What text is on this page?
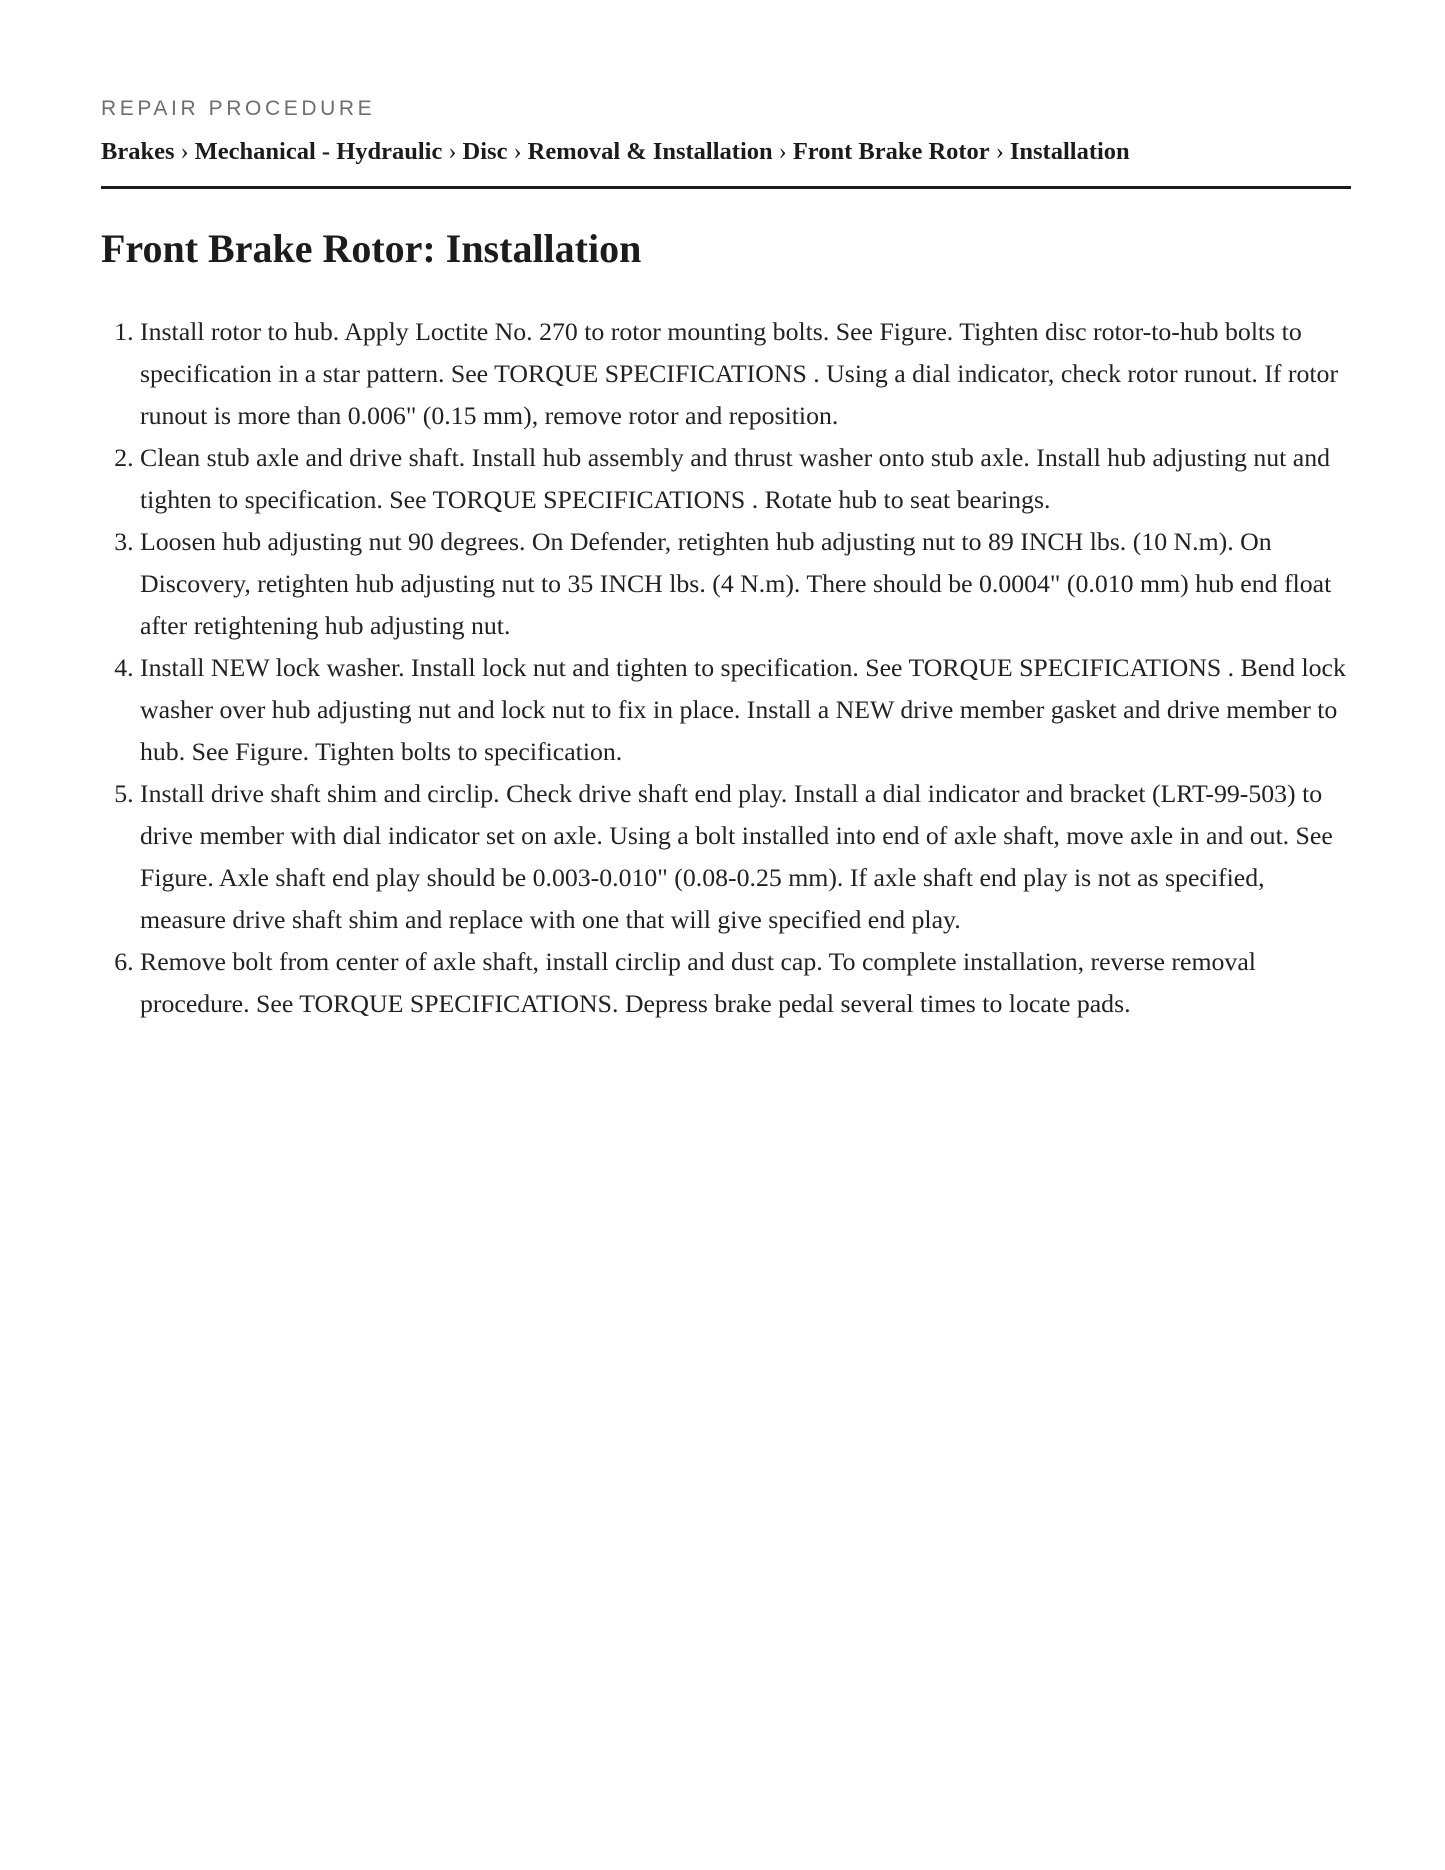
REPAIR PROCEDURE

Brakes › Mechanical - Hydraulic › Disc › Removal & Installation › Front Brake Rotor › Installation
Front Brake Rotor: Installation
1. Install rotor to hub. Apply Loctite No. 270 to rotor mounting bolts. See Figure. Tighten disc rotor-to-hub bolts to specification in a star pattern. See TORQUE SPECIFICATIONS . Using a dial indicator, check rotor runout. If rotor runout is more than 0.006" (0.15 mm), remove rotor and reposition.
2. Clean stub axle and drive shaft. Install hub assembly and thrust washer onto stub axle. Install hub adjusting nut and tighten to specification. See TORQUE SPECIFICATIONS . Rotate hub to seat bearings.
3. Loosen hub adjusting nut 90 degrees. On Defender, retighten hub adjusting nut to 89 INCH lbs. (10 N.m). On Discovery, retighten hub adjusting nut to 35 INCH lbs. (4 N.m). There should be 0.0004" (0.010 mm) hub end float after retightening hub adjusting nut.
4. Install NEW lock washer. Install lock nut and tighten to specification. See TORQUE SPECIFICATIONS . Bend lock washer over hub adjusting nut and lock nut to fix in place. Install a NEW drive member gasket and drive member to hub. See Figure. Tighten bolts to specification.
5. Install drive shaft shim and circlip. Check drive shaft end play. Install a dial indicator and bracket (LRT-99-503) to drive member with dial indicator set on axle. Using a bolt installed into end of axle shaft, move axle in and out. See Figure. Axle shaft end play should be 0.003-0.010" (0.08-0.25 mm). If axle shaft end play is not as specified, measure drive shaft shim and replace with one that will give specified end play.
6. Remove bolt from center of axle shaft, install circlip and dust cap. To complete installation, reverse removal procedure. See TORQUE SPECIFICATIONS. Depress brake pedal several times to locate pads.
